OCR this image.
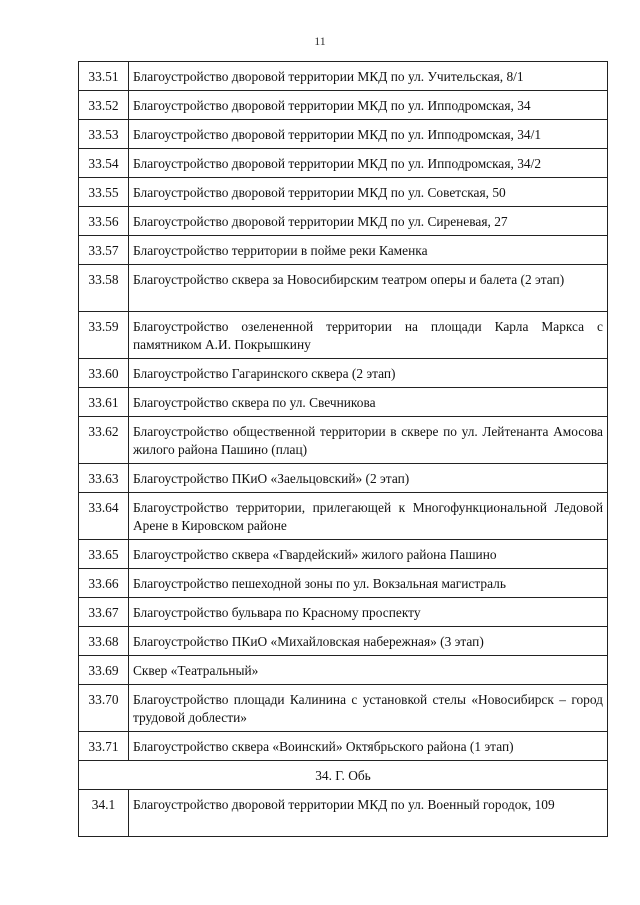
11
33.51	Благоустройство дворовой территории МКД по ул. Учительская, 8/1
33.52	Благоустройство дворовой территории МКД по ул. Ипподромская, 34
33.53	Благоустройство дворовой территории МКД по ул. Ипподромская, 34/1
33.54	Благоустройство дворовой территории МКД по ул. Ипподромская, 34/2
33.55	Благоустройство дворовой территории МКД по ул. Советская, 50
33.56	Благоустройство дворовой территории МКД по ул. Сиреневая, 27
33.57	Благоустройство территории в пойме реки Каменка
33.58	Благоустройство сквера за Новосибирским театром оперы и балета (2 этап)
33.59	Благоустройство озелененной территории на площади Карла Маркса с памятником А.И. Покрышкину
33.60	Благоустройство Гагаринского сквера (2 этап)
33.61	Благоустройство сквера по ул. Свечникова
33.62	Благоустройство общественной территории в сквере по ул. Лейтенанта Амосова жилого района Пашино (плац)
33.63	Благоустройство ПКиО «Заельцовский» (2 этап)
33.64	Благоустройство территории, прилегающей к Многофункциональной Ледовой Арене в Кировском районе
33.65	Благоустройство сквера «Гвардейский» жилого района Пашино
33.66	Благоустройство пешеходной зоны по ул. Вокзальная магистраль
33.67	Благоустройство бульвара по Красному проспекту
33.68	Благоустройство ПКиО «Михайловская набережная» (3 этап)
33.69	Сквер «Театральный»
33.70	Благоустройство площади Калинина с установкой стелы «Новосибирск – город трудовой доблести»
33.71	Благоустройство сквера «Воинский» Октябрьского района (1 этап)
34. Г. Обь	
34.1	Благоустройство дворовой территории МКД по ул. Военный городок, 109
